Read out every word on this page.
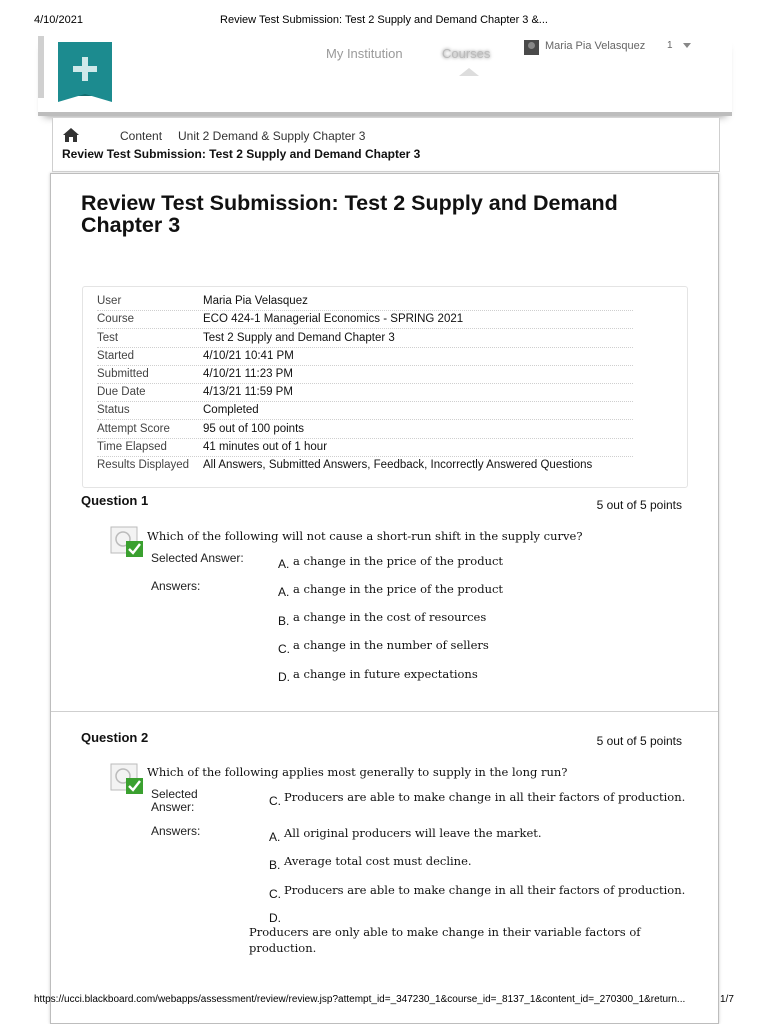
4/10/2021	Review Test Submission: Test 2 Supply and Demand Chapter 3 &...
My Institution	Courses	Maria Pia Velasquez 1
Content Unit 2 Demand & Supply Chapter 3
Review Test Submission: Test 2 Supply and Demand Chapter 3
Review Test Submission: Test 2 Supply and Demand Chapter 3
User	Maria Pia Velasquez
Course	ECO 424-1 Managerial Economics - SPRING 2021
Test	Test 2 Supply and Demand Chapter 3
Started	4/10/21 10:41 PM
Submitted	4/10/21 11:23 PM
Due Date	4/13/21 11:59 PM
Status	Completed
Attempt Score	95 out of 100 points
Time Elapsed	41 minutes out of 1 hour
Results Displayed All Answers, Submitted Answers, Feedback, Incorrectly Answered Questions
Question 1	5 out of 5 points
Which of the following will not cause a short-run shift in the supply curve?
Selected Answer:	A. a change in the price of the product
Answers:	A. a change in the price of the product
B. a change in the cost of resources
C. a change in the number of sellers
D. a change in future expectations
Question 2	5 out of 5 points
Which of the following applies most generally to supply in the long run?
Selected
Answer:	C. Producers are able to make change in all their factors of production.
Answers:	A. All original producers will leave the market.
B. Average total cost must decline.
C. Producers are able to make change in all their factors of production.
D.
Producers are only able to make change in their variable factors of
production.
https://ucci.blackboard.com/webapps/assessment/review/review.jsp?attempt_id=_347230_1&course_id=_8137_1&content_id=_270300_1&return...	1/7
